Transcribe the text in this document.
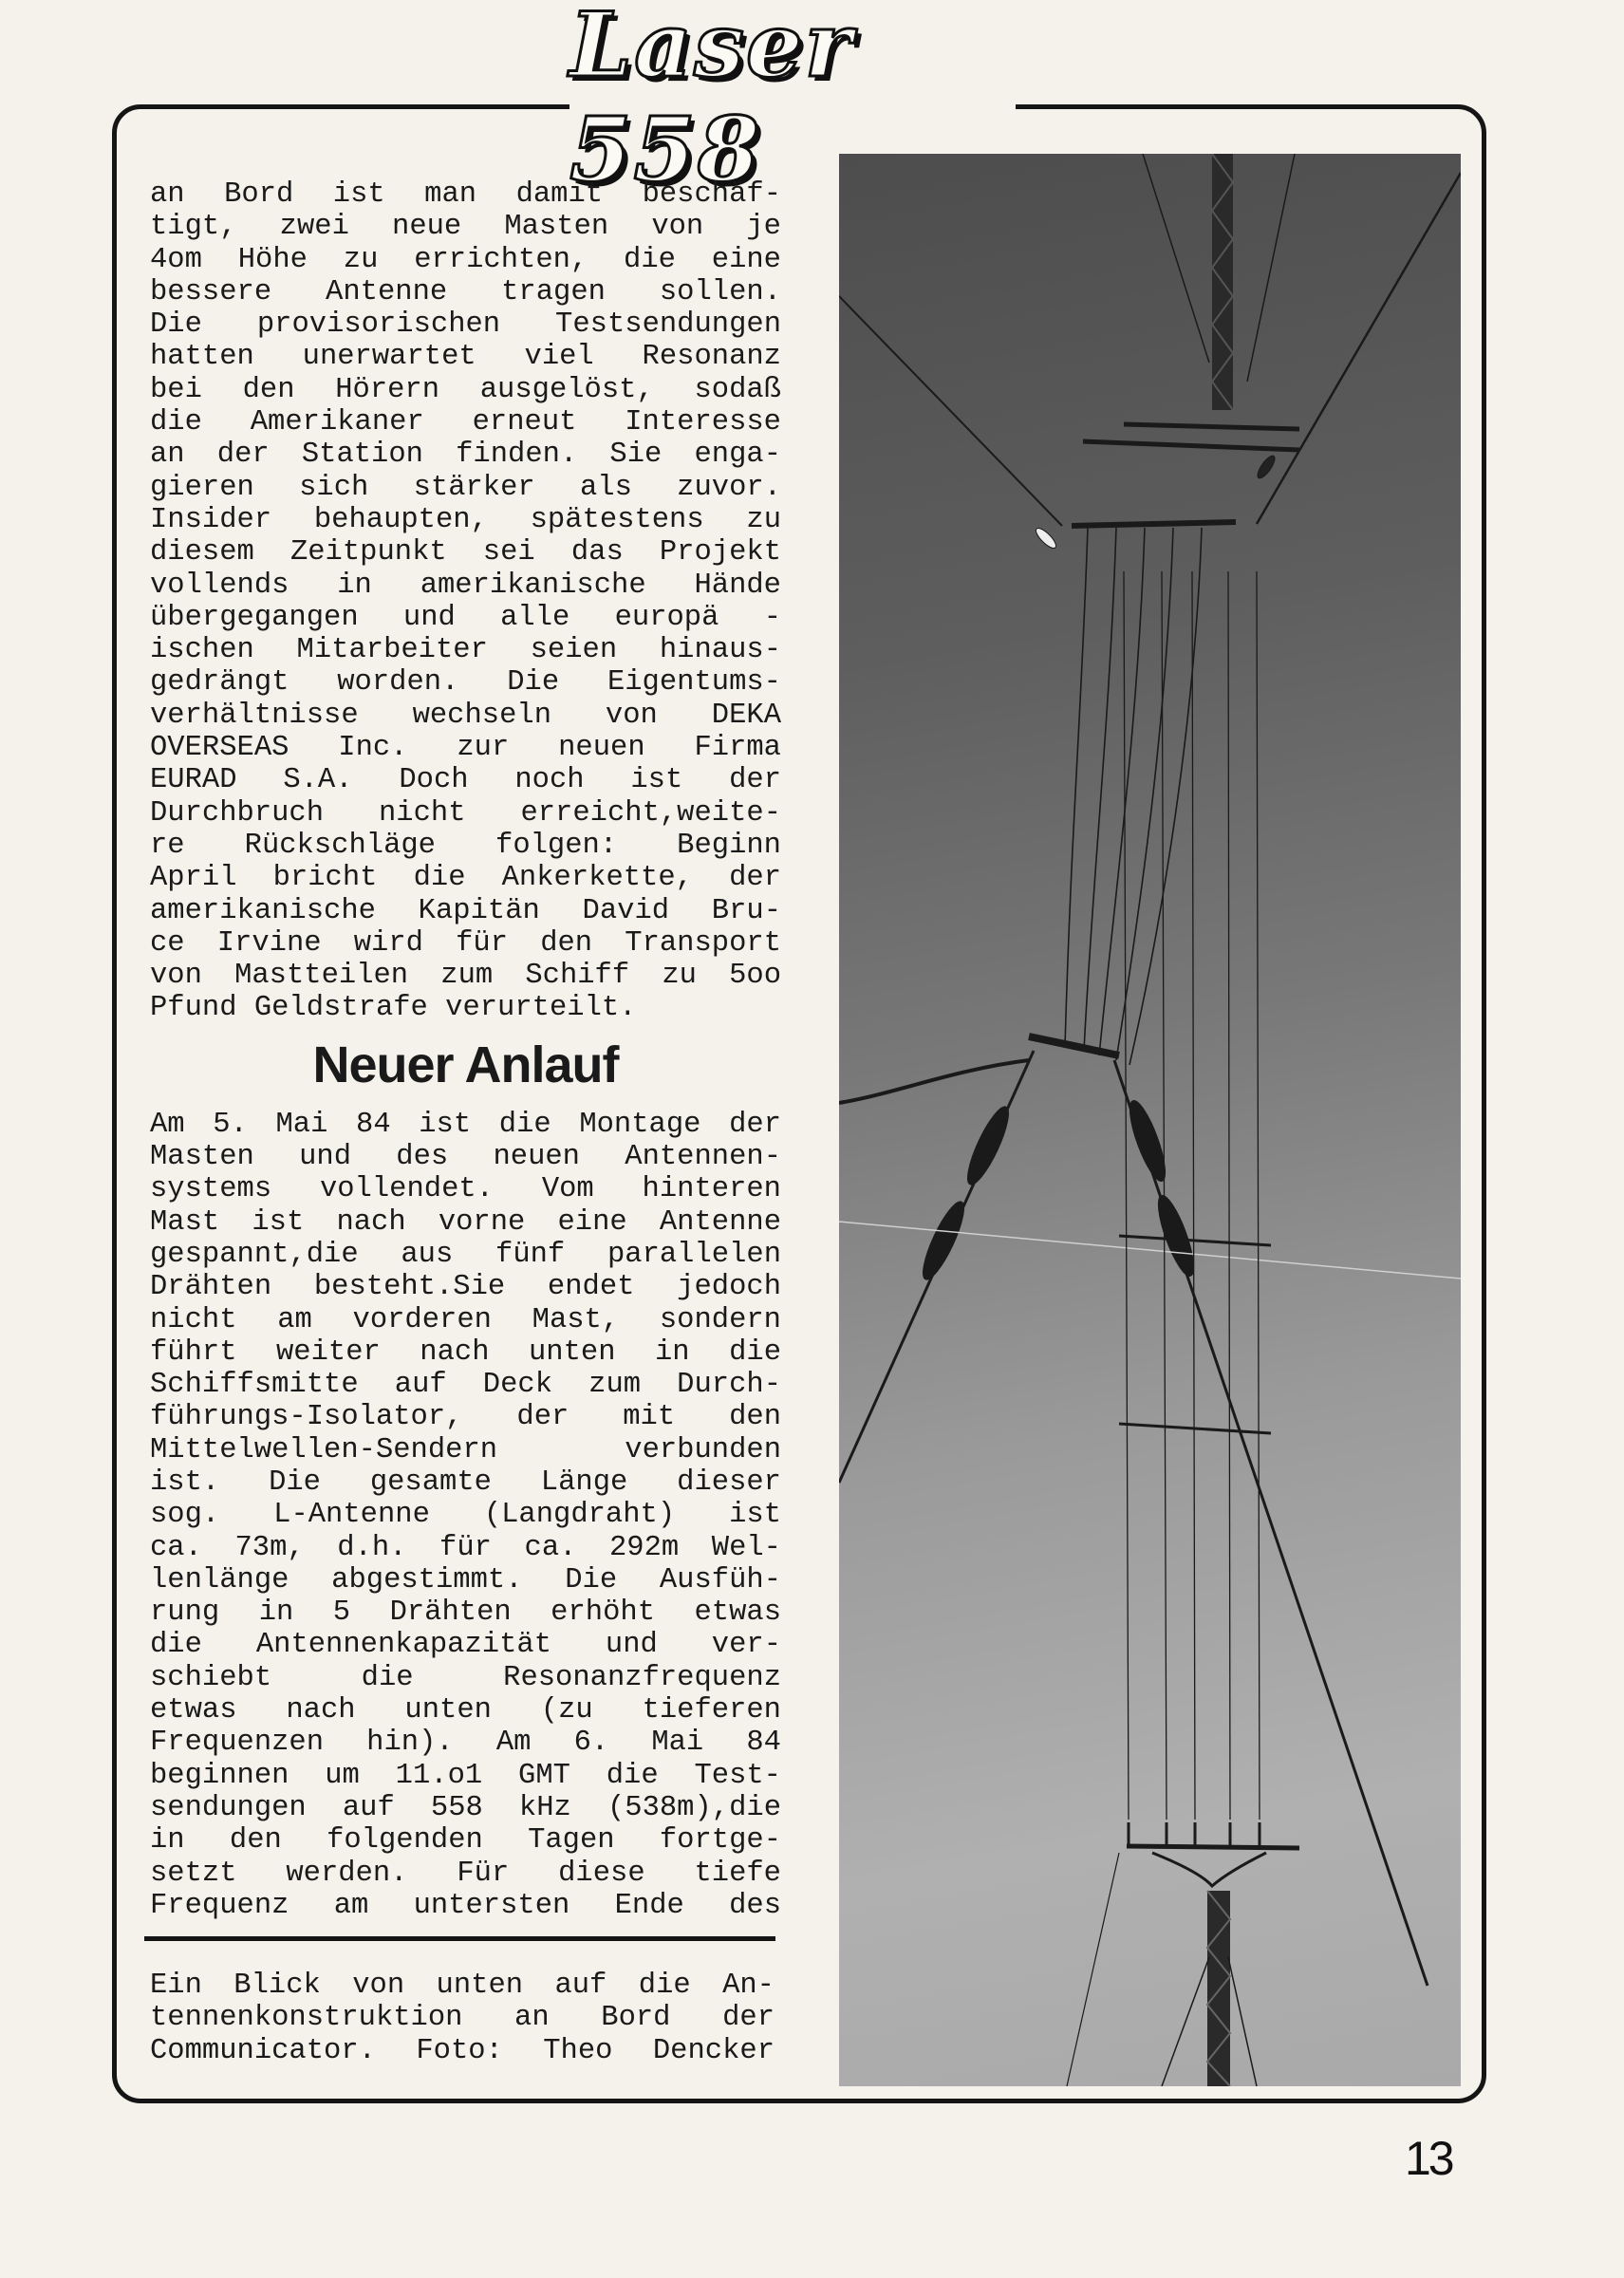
Laser 558
an Bord ist man damit beschäf-
tigt, zwei neue Masten von je
4om Höhe zu errichten, die eine
bessere Antenne tragen sollen.
Die provisorischen Testsendungen
hatten unerwartet viel Resonanz
bei den Hörern ausgelöst, sodaß
die Amerikaner erneut Interesse
an der Station finden. Sie enga-
gieren sich stärker als zuvor.
Insider behaupten, spätestens zu
diesem Zeitpunkt sei das Projekt
vollends in amerikanische Hände
übergegangen und alle europä -
ischen Mitarbeiter seien hinaus-
gedrängt worden. Die Eigentums-
verhältnisse wechseln von DEKA
OVERSEAS Inc. zur neuen Firma
EURAD S.A. Doch noch ist der
Durchbruch nicht erreicht,weite-
re Rückschläge folgen: Beginn
April bricht die Ankerkette, der
amerikanische Kapitän David Bru-
ce Irvine wird für den Transport
von Mastteilen zum Schiff zu 5oo
Pfund Geldstrafe verurteilt.
Neuer Anlauf
Am 5. Mai 84 ist die Montage der
Masten und des neuen Antennen-
systems vollendet. Vom hinteren
Mast ist nach vorne eine Antenne
gespannt,die aus fünf parallelen
Drähten besteht.Sie endet jedoch
nicht am vorderen Mast, sondern
führt weiter nach unten in die
Schiffsmitte auf Deck zum Durch-
führungs-Isolator, der mit den
Mittelwellen-Sendern verbunden
ist. Die gesamte Länge dieser
sog. L-Antenne (Langdraht) ist
ca. 73m, d.h. für ca. 292m Wel-
lenlänge abgestimmt. Die Ausfüh-
rung in 5 Drähten erhöht etwas
die Antennenkapazität und ver-
schiebt die Resonanzfrequenz
etwas nach unten (zu tieferen
Frequenzen hin). Am 6. Mai 84
beginnen um 11.o1 GMT die Test-
sendungen auf 558 kHz (538m),die
in den folgenden Tagen fortge-
setzt werden. Für diese tiefe
Frequenz am untersten Ende des
Ein Blick von unten auf die An-
tennenkonstruktion an Bord der
Communicator. Foto: Theo Dencker
13
